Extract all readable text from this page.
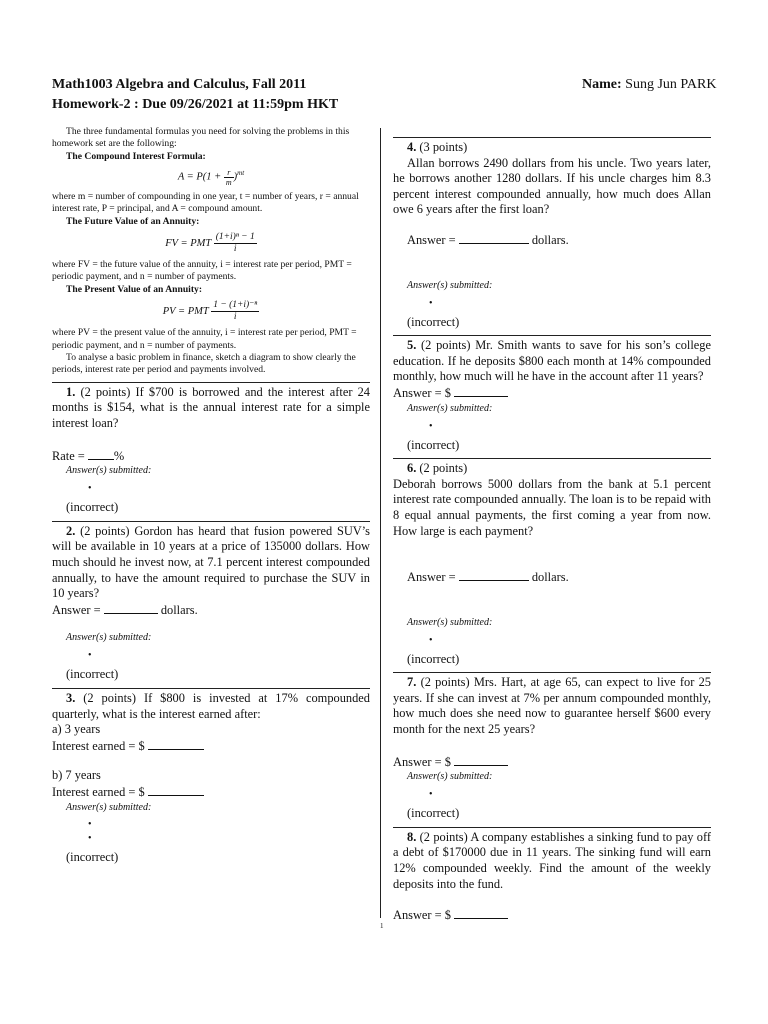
Math1003 Algebra and Calculus, Fall 2011
Homework-2 : Due 09/26/2021 at 11:59pm HKT
Name: Sung Jun PARK

The three fundamental formulas you need for solving the problems in this homework set are the following:

The Compound Interest Formula:

$A = P(1 + \frac{r}{m} )^{mt}$

where m = number of compounding in one year, t = number of years, r = annual interest rate, P = principal, and A = compound amount.

The Future Value of an Annuity:

FV = PMT $\frac{\text{(1+i)ⁿ − 1}}{i}$

where FV = the future value of the annuity, i = interest rate per period, PMT = periodic payment, and n = number of payments.

The Present Value of an Annuity:

PV = PMT $\frac{\text{1 − (1+i)⁻ⁿ}}{i}$

where PV = the present value of the annuity, i = interest rate per period, PMT = periodic payment, and n = number of payments.

To analyse a basic problem in finance, sketch a diagram to show clearly the periods, interest rate per period and payments involved.

1. (2 points) If $700 is borrowed and the interest after 24 months is $154, what is the annual interest rate for a simple interest loan?
Rate = %
Answer(s) submitted:
•
(incorrect)
2. (2 points) Gordon has heard that fusion powered SUV’s will be available in 10 years at a price of 135000 dollars. How much should he invest now, at 7.1 percent interest compounded annually, to have the amount required to purchase the SUV in 10 years?
Answer =	dollars.
Answer(s) submitted:
•
(incorrect)
3. (2 points) If $800 is invested at 17% compounded quarterly, what is the interest earned after:
a) 3 years
Interest earned = $
b) 7 years
Interest earned = $
Answer(s) submitted:
•
•
(incorrect)
4. (3 points)
Allan borrows 2490 dollars from his uncle. Two years later, he borrows another 1280 dollars. If his uncle charges him 8.3 percent interest compounded annually, how much does Allan owe 6 years after the first loan?
Answer =	dollars.
Answer(s) submitted:
•
(incorrect)
5. (2 points) Mr. Smith wants to save for his son’s college education. If he deposits $800 each month at 14% compounded monthly, how much will he have in the account after 11 years?
Answer = $
Answer(s) submitted:
•
(incorrect)
6. (2 points)
Deborah borrows 5000 dollars from the bank at 5.1 percent interest rate compounded annually. The loan is to be repaid with 8 equal annual payments, the first coming a year from now. How large is each payment?
Answer =	dollars.
Answer(s) submitted:
•
(incorrect)
7. (2 points) Mrs. Hart, at age 65, can expect to live for 25 years. If she can invest at 7% per annum compounded monthly, how much does she need now to guarantee herself $600 every month for the next 25 years?
Answer = $
Answer(s) submitted:
•
(incorrect)
8. (2 points) A company establishes a sinking fund to pay off a debt of $170000 due in 11 years. The sinking fund will earn 12% compounded weekly. Find the amount of the weekly deposits into the fund.
Answer = $
1
